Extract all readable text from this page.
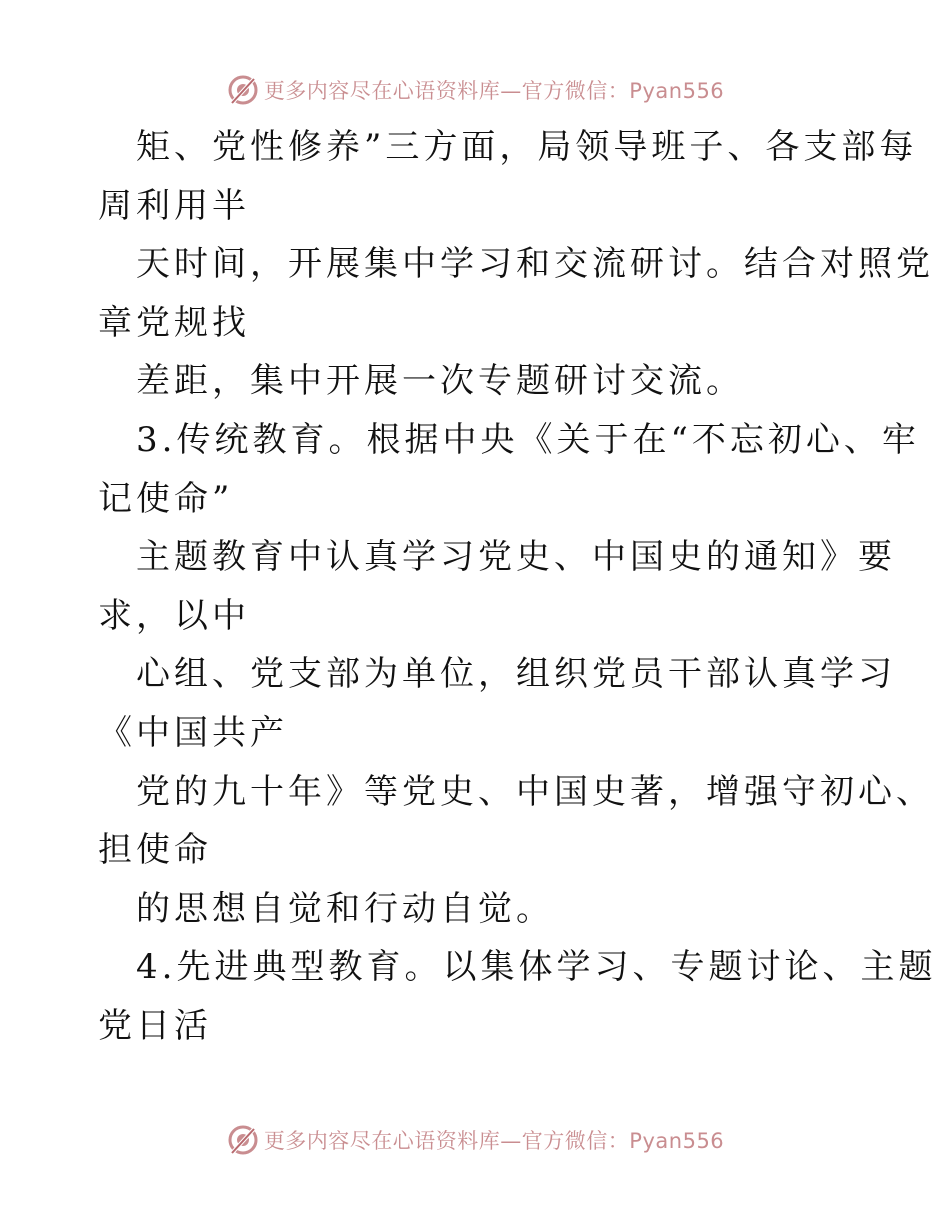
更多内容尽在心语资料库—官方微信：Pyan556
矩、党性修养”三方面，局领导班子、各支部每
周利用半
天时间，开展集中学习和交流研讨。结合对照党
章党规找
差距，集中开展一次专题研讨交流。
3.传统教育。根据中央《关于在“不忘初心、牢
记使命”
主题教育中认真学习党史、中国史的通知》要
求，以中
心组、党支部为单位，组织党员干部认真学习
《中国共产
党的九十年》等党史、中国史著，增强守初心、
担使命
的思想自觉和行动自觉。
4.先进典型教育。以集体学习、专题讨论、主题
党日活
更多内容尽在心语资料库—官方微信：Pyan556
